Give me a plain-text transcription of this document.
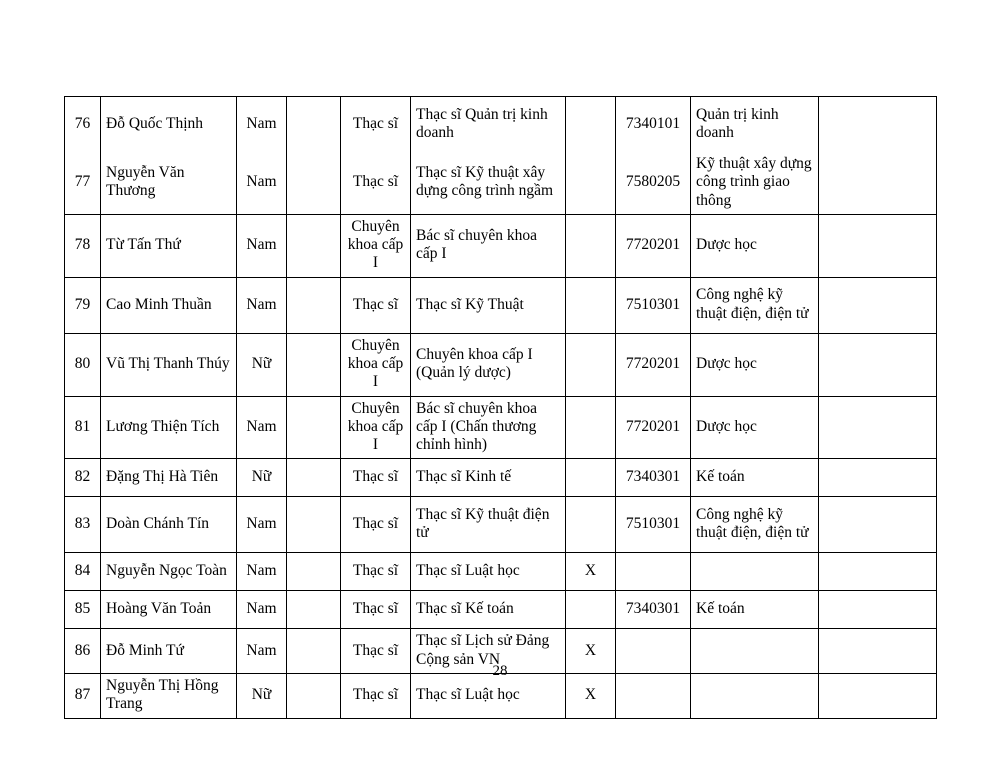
76	Đỗ Quốc Thịnh	Nam		Thạc sĩ	Thạc sĩ Quản trị kinh doanh		7340101	Quản trị kinh doanh	
77	Nguyễn Văn Thương	Nam		Thạc sĩ	Thạc sĩ Kỹ thuật xây dựng công trình ngầm		7580205	Kỹ thuật xây dựng công trình giao thông	
78	Từ Tấn Thứ	Nam		Chuyên khoa cấp I	Bác sĩ chuyên khoa cấp I		7720201	Dược học	
79	Cao Minh Thuần	Nam		Thạc sĩ	Thạc sĩ Kỹ Thuật		7510301	Công nghệ kỹ thuật điện, điện tử	
80	Vũ Thị Thanh Thúy	Nữ		Chuyên khoa cấp I	Chuyên khoa cấp I (Quản lý dược)		7720201	Dược học	
81	Lương Thiện Tích	Nam		Chuyên khoa cấp I	Bác sĩ chuyên khoa cấp I (Chấn thương chỉnh hình)		7720201	Dược học	
82	Đặng Thị Hà Tiên	Nữ		Thạc sĩ	Thạc sĩ Kinh tế		7340301	Kế toán	
83	Doàn Chánh Tín	Nam		Thạc sĩ	Thạc sĩ Kỹ thuật điện tử		7510301	Công nghệ kỹ thuật điện, điện tử	
84	Nguyễn Ngọc Toàn	Nam		Thạc sĩ	Thạc sĩ Luật học	X			
85	Hoàng Văn Toản	Nam		Thạc sĩ	Thạc sĩ Kế toán		7340301	Kế toán	
86	Đỗ Minh Tứ	Nam		Thạc sĩ	Thạc sĩ Lịch sử Đảng Cộng sản VN	X			
87	Nguyễn Thị Hồng Trang	Nữ		Thạc sĩ	Thạc sĩ Luật học	X			
28
